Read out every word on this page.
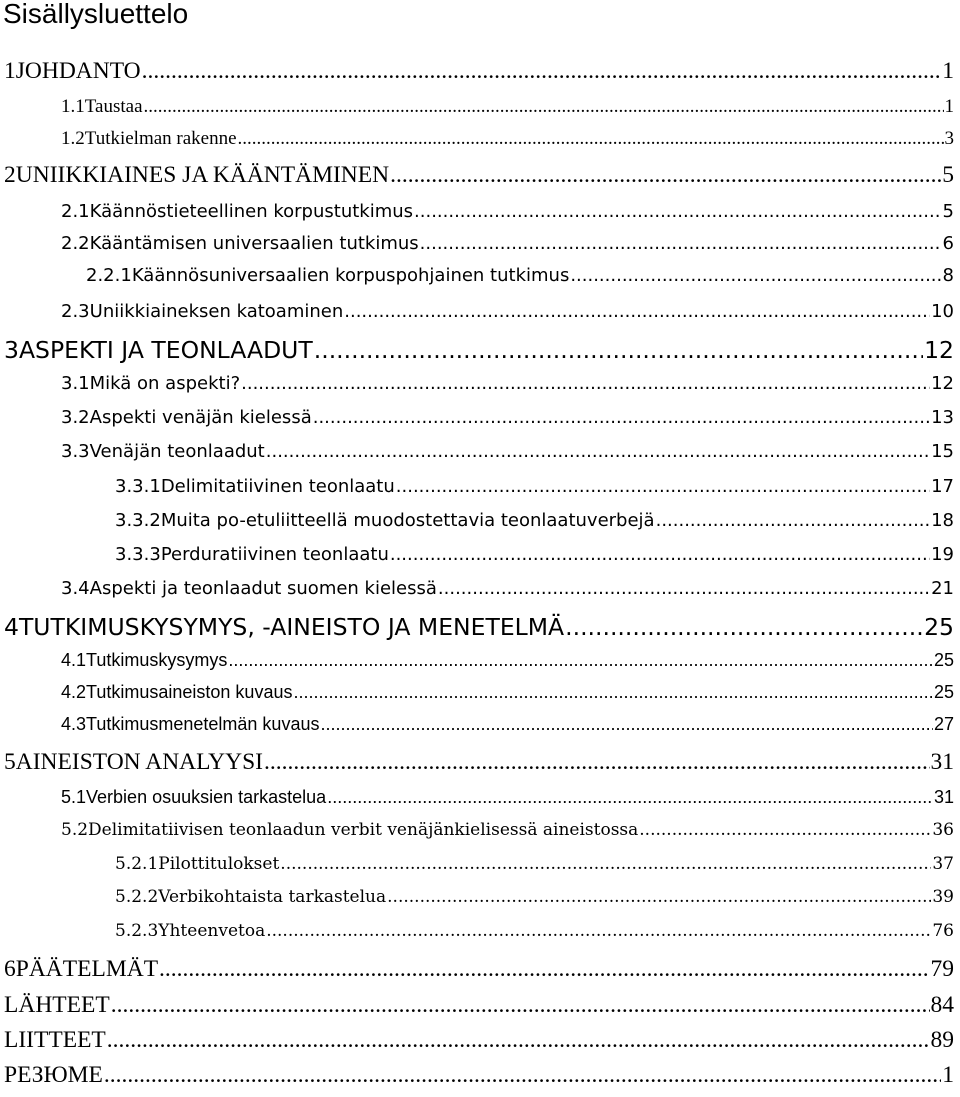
Sisällysluettelo
1 JOHDANTO .....	1
1.1 Taustaa .....	1
1.2 Tutkielman rakenne .....	3
2 UNIIKKIAINES JA KÄÄNTÄMINEN .....	5
2.1 Käännöstieteellinen korpustutkimus .....	5
2.2 Kääntämisen universaalien tutkimus .....	6
2.2.1 Käännösuniversaalien korpuspohjainen tutkimus .....	8
2.3 Uniikkiaineksen katoaminen .....	10
3 ASPEKTI JA TEONLAADUT .....	12
3.1 Mikä on aspekti? .....	12
3.2 Aspekti venäjän kielessä .....	13
3.3 Venäjän teonlaadut .....	15
3.3.1 Delimitatiivinen teonlaatu .....	17
3.3.2 Muita po-etuliitteellä muodostettavia teonlaatuverbejä .....	18
3.3.3 Perduratiivinen teonlaatu .....	19
3.4 Aspekti ja teonlaadut suomen kielessä .....	21
4 TUTKIMUSKYSYMYS, -AINEISTO JA MENETELMÄ .....	25
4.1 Tutkimuskysymys .....	25
4.2 Tutkimusaineiston kuvaus .....	25
4.3 Tutkimusmenetelmän kuvaus .....	27
5 AINEISTON ANALYYSI .....	31
5.1 Verbien osuuksien tarkastelua .....	31
5.2 Delimitatiivisen teonlaadun verbit venäjänkielisessä aineistossa .....	36
5.2.1 Pilottitulokset .....	37
5.2.2 Verbikohtaista tarkastelua .....	39
5.2.3 Yhteenvetoa .....	76
6 PÄÄTELMÄT .....	79
LÄHTEET .....	84
LIITTEET .....	89
РЕЗЮМЕ .....	1
